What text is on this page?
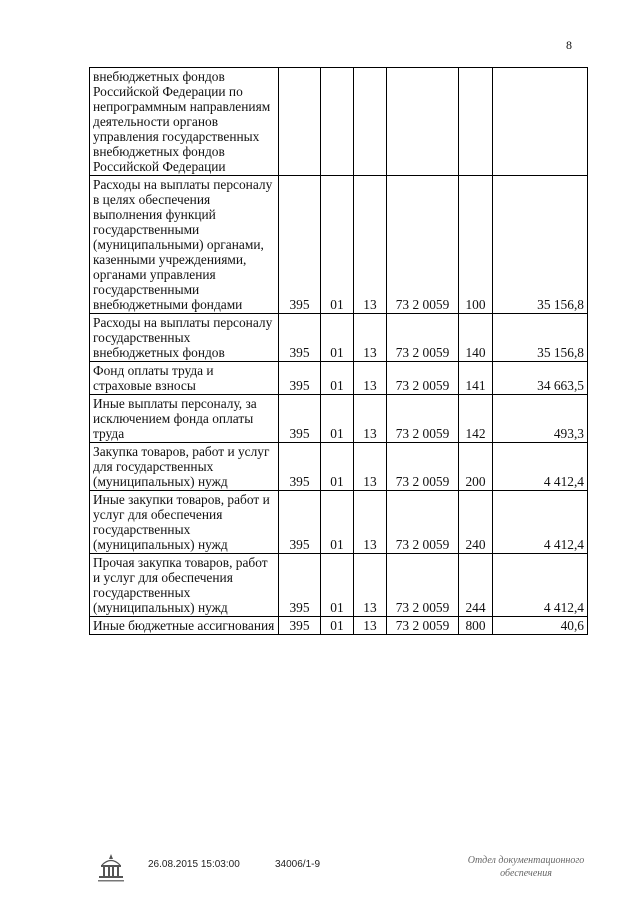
8
внебюджетных фондов Российской Федерации по непрограммным направлениям деятельности органов управления государственных внебюджетных фондов Российской Федерации						
Расходы на выплаты персоналу в целях обеспечения выполнения функций государственными (муниципальными) органами, казенными учреждениями, органами управления государственными внебюджетными фондами	395	01	13	73 2 0059	100	35 156,8
Расходы на выплаты персоналу государственных внебюджетных фондов	395	01	13	73 2 0059	140	35 156,8
Фонд оплаты труда и страховые взносы	395	01	13	73 2 0059	141	34 663,5
Иные выплаты персоналу, за исключением фонда оплаты труда	395	01	13	73 2 0059	142	493,3
Закупка товаров, работ и услуг для государственных (муниципальных) нужд	395	01	13	73 2 0059	200	4 412,4
Иные закупки товаров, работ и услуг для обеспечения государственных (муниципальных) нужд	395	01	13	73 2 0059	240	4 412,4
Прочая закупка товаров, работ и услуг для обеспечения государственных (муниципальных) нужд	395	01	13	73 2 0059	244	4 412,4
Иные бюджетные ассигнования	395	01	13	73 2 0059	800	40,6
26.08.2015 15:03:00	34006/1-9	Отдел документационного
обеспечения
